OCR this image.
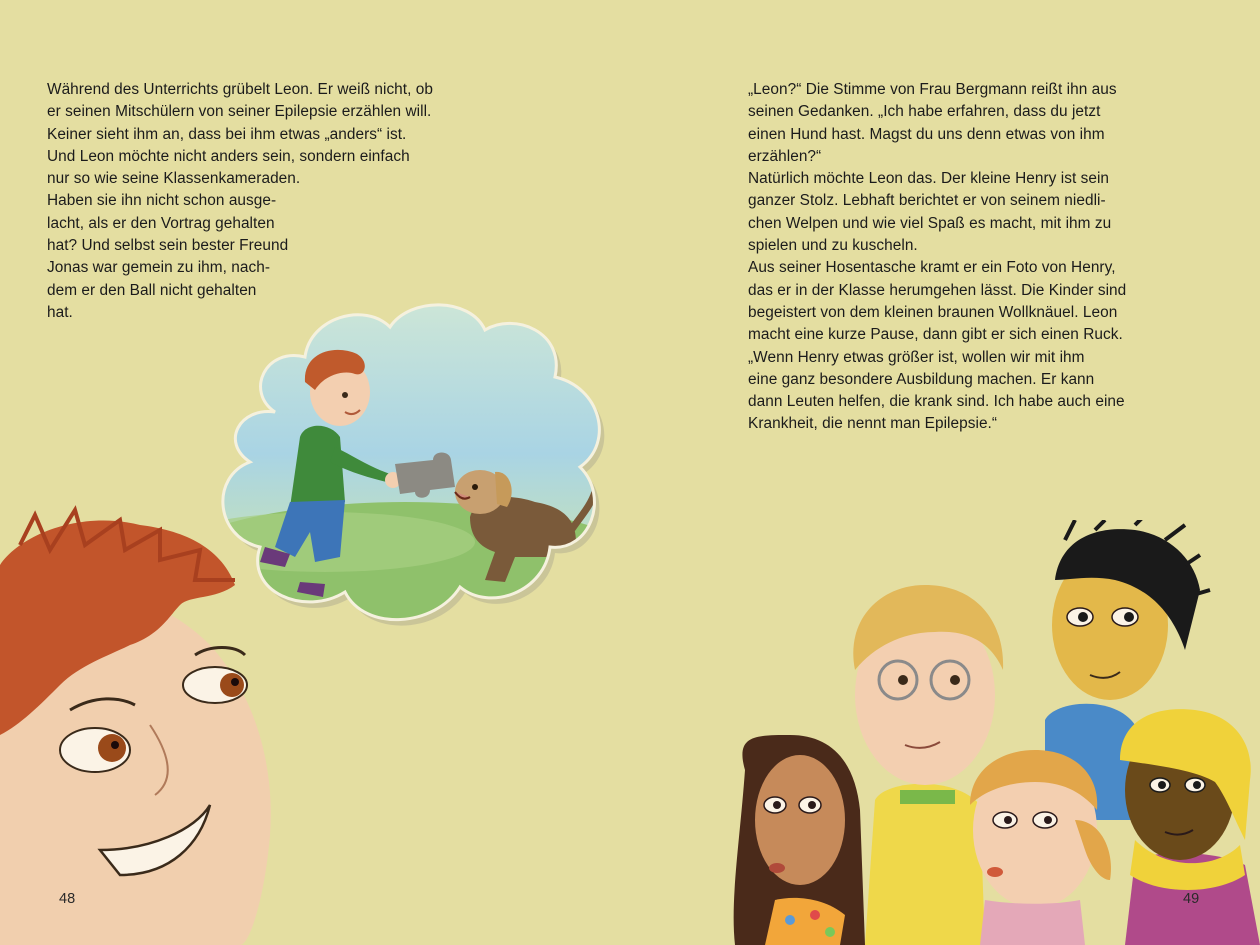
Während des Unterrichts grübelt Leon. Er weiß nicht, ob
er seinen Mitschülern von seiner Epilepsie erzählen will.
Keiner sieht ihm an, dass bei ihm etwas „anders“ ist.
Und Leon möchte nicht anders sein, sondern einfach
nur so wie seine Klassenkameraden.
Haben sie ihn nicht schon ausge-
lacht, als er den Vortrag gehalten
hat? Und selbst sein bester Freund
Jonas war gemein zu ihm, nach-
dem er den Ball nicht gehalten
hat.
48
„Leon?“ Die Stimme von Frau Bergmann reißt ihn aus
seinen Gedanken. „Ich habe erfahren, dass du jetzt
einen Hund hast. Magst du uns denn etwas von ihm
erzählen?“
Natürlich möchte Leon das. Der kleine Henry ist sein
ganzer Stolz. Lebhaft berichtet er von seinem niedli-
chen Welpen und wie viel Spaß es macht, mit ihm zu
spielen und zu kuscheln.
Aus seiner Hosentasche kramt er ein Foto von Henry,
das er in der Klasse herumgehen lässt. Die Kinder sind
begeistert von dem kleinen braunen Wollknäuel. Leon
macht eine kurze Pause, dann gibt er sich einen Ruck.
„Wenn Henry etwas größer ist, wollen wir mit ihm
eine ganz besondere Ausbildung machen. Er kann
dann Leuten helfen, die krank sind. Ich habe auch eine
Krankheit, die nennt man Epilepsie.“
49
